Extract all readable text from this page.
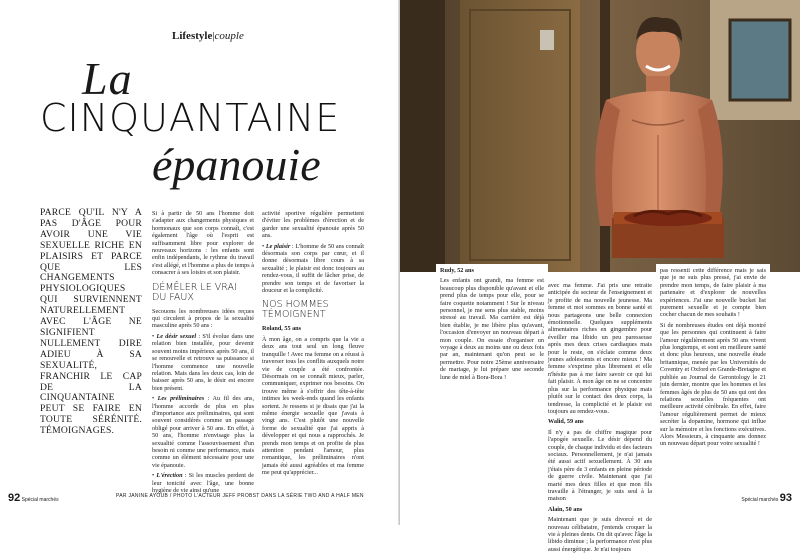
Lifestyle|couple
La
CINQUANTAINE
épanouie
PARCE QU'IL N'Y A PAS D'ÂGE POUR AVOIR UNE VIE SEXUELLE RICHE EN PLAISIRS ET PARCE QUE LES CHANGEMENTS PHYSIOLOGIQUES QUI SURVIENNENT NATURELLEMENT AVEC L'ÂGE NE SIGNIFIENT NULLEMENT DIRE ADIEU À SA SEXUALITÉ, FRANCHIR LE CAP DE LA CINQUANTAINE PEUT SE FAIRE EN TOUTE SÉRÉNITÉ. TÉMOIGNAGES.

Si à partir de 50 ans l'homme doit s'adapter aux changements physiques et hormonaux que son corps connaît, c'est également l'âge où l'esprit est suffisamment libre pour explorer de nouveaux horizons : les enfants sont enfin indépendants, le rythme du travail s'est allégé, et l'homme a plus de temps à consacrer à ses loisirs et son plaisir.

DÉMÊLER LE VRAI DU FAUX

Secouons les nombreuses idées reçues qui circulent à propos de la sexualité masculine après 50 ans :

• Le désir sexuel : S'il évolue dans une relation bien installée, pour devenir souvent moins impérieux après 50 ans, il se renouvelle et retrouve sa puissance si l'homme commence une nouvelle relation. Mais dans les deux cas, loin de baisser après 50 ans, le désir est encore bien présent.

• Les préliminaires : Au fil des ans, l'homme accorde de plus en plus d'importance aux préliminaires, qui sont souvent considérés comme un passage obligé pour arriver à 50 ans. En effet, à 50 ans, l'homme n'envisage plus la sexualité comme l'assouvissement d'un besoin ni comme une performance, mais comme un élément nécessaire pour une vie épanouie.

• L'érection : Si les muscles perdent de leur tonicité avec l'âge, une bonne hygiène de vie ainsi qu'une

activité sportive régulière permettent d'éviter les problèmes d'érection et de garder une sexualité épanouie après 50 ans.

• Le plaisir : L'homme de 50 ans connaît désormais son corps par cœur, et il donne désormais libre cours à sa sexualité ; le plaisir est donc toujours au rendez-vous, il suffit de lâcher prise, de prendre son temps et de favoriser la douceur et la complicité.

NOS HOMMES TÉMOIGNENT

Roland, 55 ans

À mon âge, on a compris que la vie a deux ans tout seul un long fleuve tranquille ! Avec ma femme on a réussi à traverser tous les conflits auxquels notre vie de couple a été confrontée. Désormais on se connaît mieux, parler, communiquer, exprimer nos besoins. On trouve même à s'offrir des tête-à-tête intimes les week-ends quand les enfants sortent. Je ressens si je disais que j'ai la même énergie sexuelle que j'avais à vingt ans. C'est plutôt une nouvelle forme de sexualité que j'ai appris à développer et qui nous a rapprochés. Je prends mon temps et on profite de plus attention pendant l'amour, plus romantique, les préliminaires n'ont jamais été aussi agréables et ma femme me peut qu'apprécier...

92 Spécial marchés
PAR JANINE AYOUB / PHOTO L'ACTEUR JEFF PROBST DANS LA SÉRIE TWO AND A HALF MEN

Rudy, 52 ans

Les enfants ont grandi, ma femme est beaucoup plus disponible qu'avant et elle prend plus de temps pour elle, pour se faire coquette notamment ! Sur le niveau personnel, je me sens plus stable, moins stressé au travail. Ma carrière est déjà bien établie, je me libère plus qu'avant, l'occasion d'envoyer un nouveau départ à mon couple. On essaie d'organiser un voyage à deux au moins une ou deux fois par an, maintenant qu'on peut se le permettre. Pour notre 25ème anniversaire de mariage, je lui prépare une seconde lune de miel à Bora-Bora !

avec ma femme. J'ai pris une retraite anticipée du secteur de l'enseignement et je profite de ma nouvelle jeunesse. Ma femme et moi sommes en bonne santé et nous partageons une belle connexion émotionnelle. Quelques suppléments alimentaires riches en gingembre pour éveiller ma libido un peu paresseuse après mes deux crises cardiaques mais pour le reste, on s'éclate comme deux jeunes adolescents et encore mieux ! Ma femme s'exprime plus librement et elle n'hésite pas à me faire savoir ce qui lui fait plaisir. À mon âge on ne se concentre plus sur la performance physique mais plutôt sur le contact des deux corps, la tendresse, la complicité et le plaisir est toujours au rendez-vous.

Walid, 59 ans

Il n'y a pas de chiffre magique pour l'apogée sexuelle. Le désir dépend du couple, de chaque individu et des facteurs sociaux. Personnellement, je n'ai jamais été aussi actif sexuellement. À 30 ans j'étais père de 3 enfants en pleine période de guerre civile. Maintenant que j'ai marié mes deux filles et que mon fils travaille à l'étranger, je suis seul à la maison

Alain, 50 ans

Maintenant que je suis divorcé et de nouveau célibataire, j'entends croquer la vie à pleines dents. On dit qu'avec l'âge la libido diminue ; la performance n'est plus aussi énergétique. Je n'ai toujours

pas ressenti cette différence mais je sais que je ne suis plus pressé, j'ai envie de prendre mon temps, de faire plaisir à ma partenaire et d'explorer de nouvelles expériences. J'ai une nouvelle bucket list purement sexuelle et je compte bien cocher chacun de mes souhaits !

Si de nombreuses études ont déjà montré que les personnes qui continuent à faire l'amour régulièrement après 50 ans vivent plus longtemps, et sont en meilleure santé et donc plus heureux, une nouvelle étude britannique, menée par les Universités de Coventry et Oxford en Grande-Bretagne et publiée au Journal de Gerontology le 21 juin dernier, montre que les hommes et les femmes âgés de plus de 50 ans qui ont des relations sexuelles fréquentes ont meilleure activité cérébrale. En effet, faire l'amour régulièrement permet de mieux secréter la dopamine, hormone qui influe sur la mémoire et les fonctions exécutives. Alors Messieurs, à cinquante ans donnez un nouveau départ pour votre sexualité !

Spécial marchés 93
